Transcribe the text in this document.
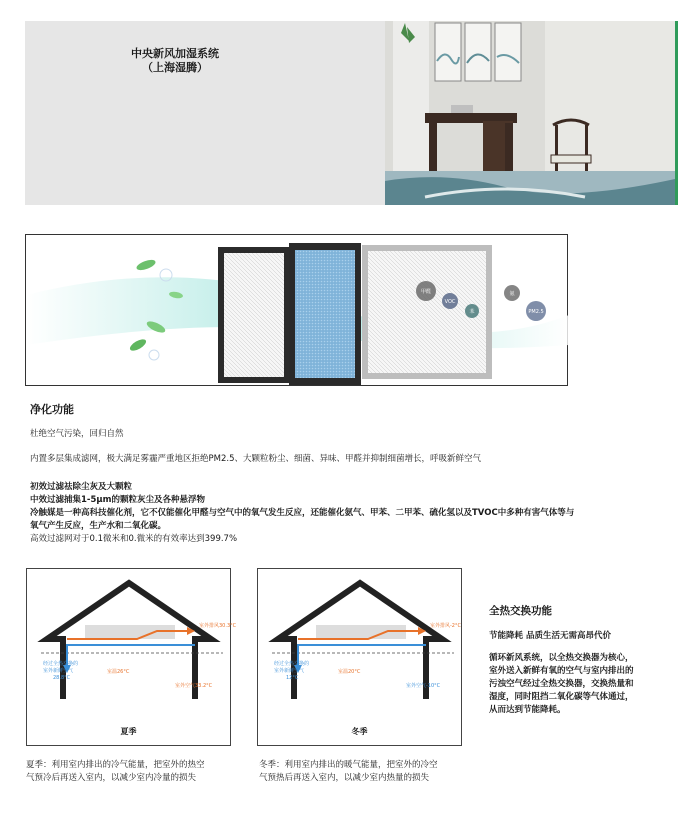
中央新风加湿系统
（上海湿腾）
甲醛
VOC
苯
氨
PM2.5
净化功能
杜绝空气污染，回归自然
内置多层集成滤网，极大满足雾霾严重地区拒绝PM2.5、大颗粒粉尘、细菌、异味、甲醛并抑制细菌增长，呼吸新鲜空气
初效过滤祛除尘灰及大颗粒
中效过滤捕集1-5μm的颗粒灰尘及各种悬浮物
冷触媒是一种高科技催化剂，它不仅能催化甲醛与空气中的氧气发生反应，还能催化氨气、甲苯、二甲苯、硫化氢以及TVOC中多种有害气体等与
氧气产生反应，生产水和二氧化碳。
高效过滤网对于0.1微米和0.微米的有效率达到399.7%
室外排风30.3°C
经过全热交换的
室外新鲜空气
28.8°C
室温26°C
室外空气33.2°C
夏季
室外排风-2°C
经过全热交换的
室外新鲜空气
12°C
室温20°C
室外空气-10°C
冬季
夏季：利用室内排出的冷气能量，把室外的热空
气预冷后再送入室内，以减少室内冷量的损失
冬季：利用室内排出的暖气能量，把室外的冷空
气预热后再送入室内，以减少室内热量的损失
全热交换功能
节能降耗 品质生活无需高昂代价
循环新风系统，以全热交换器为核心，
室外送入新鲜有氧的空气与室内排出的
污浊空气经过全热交换器，交换热量和
湿度，同时阻挡二氧化碳等气体通过，
从而达到节能降耗。
